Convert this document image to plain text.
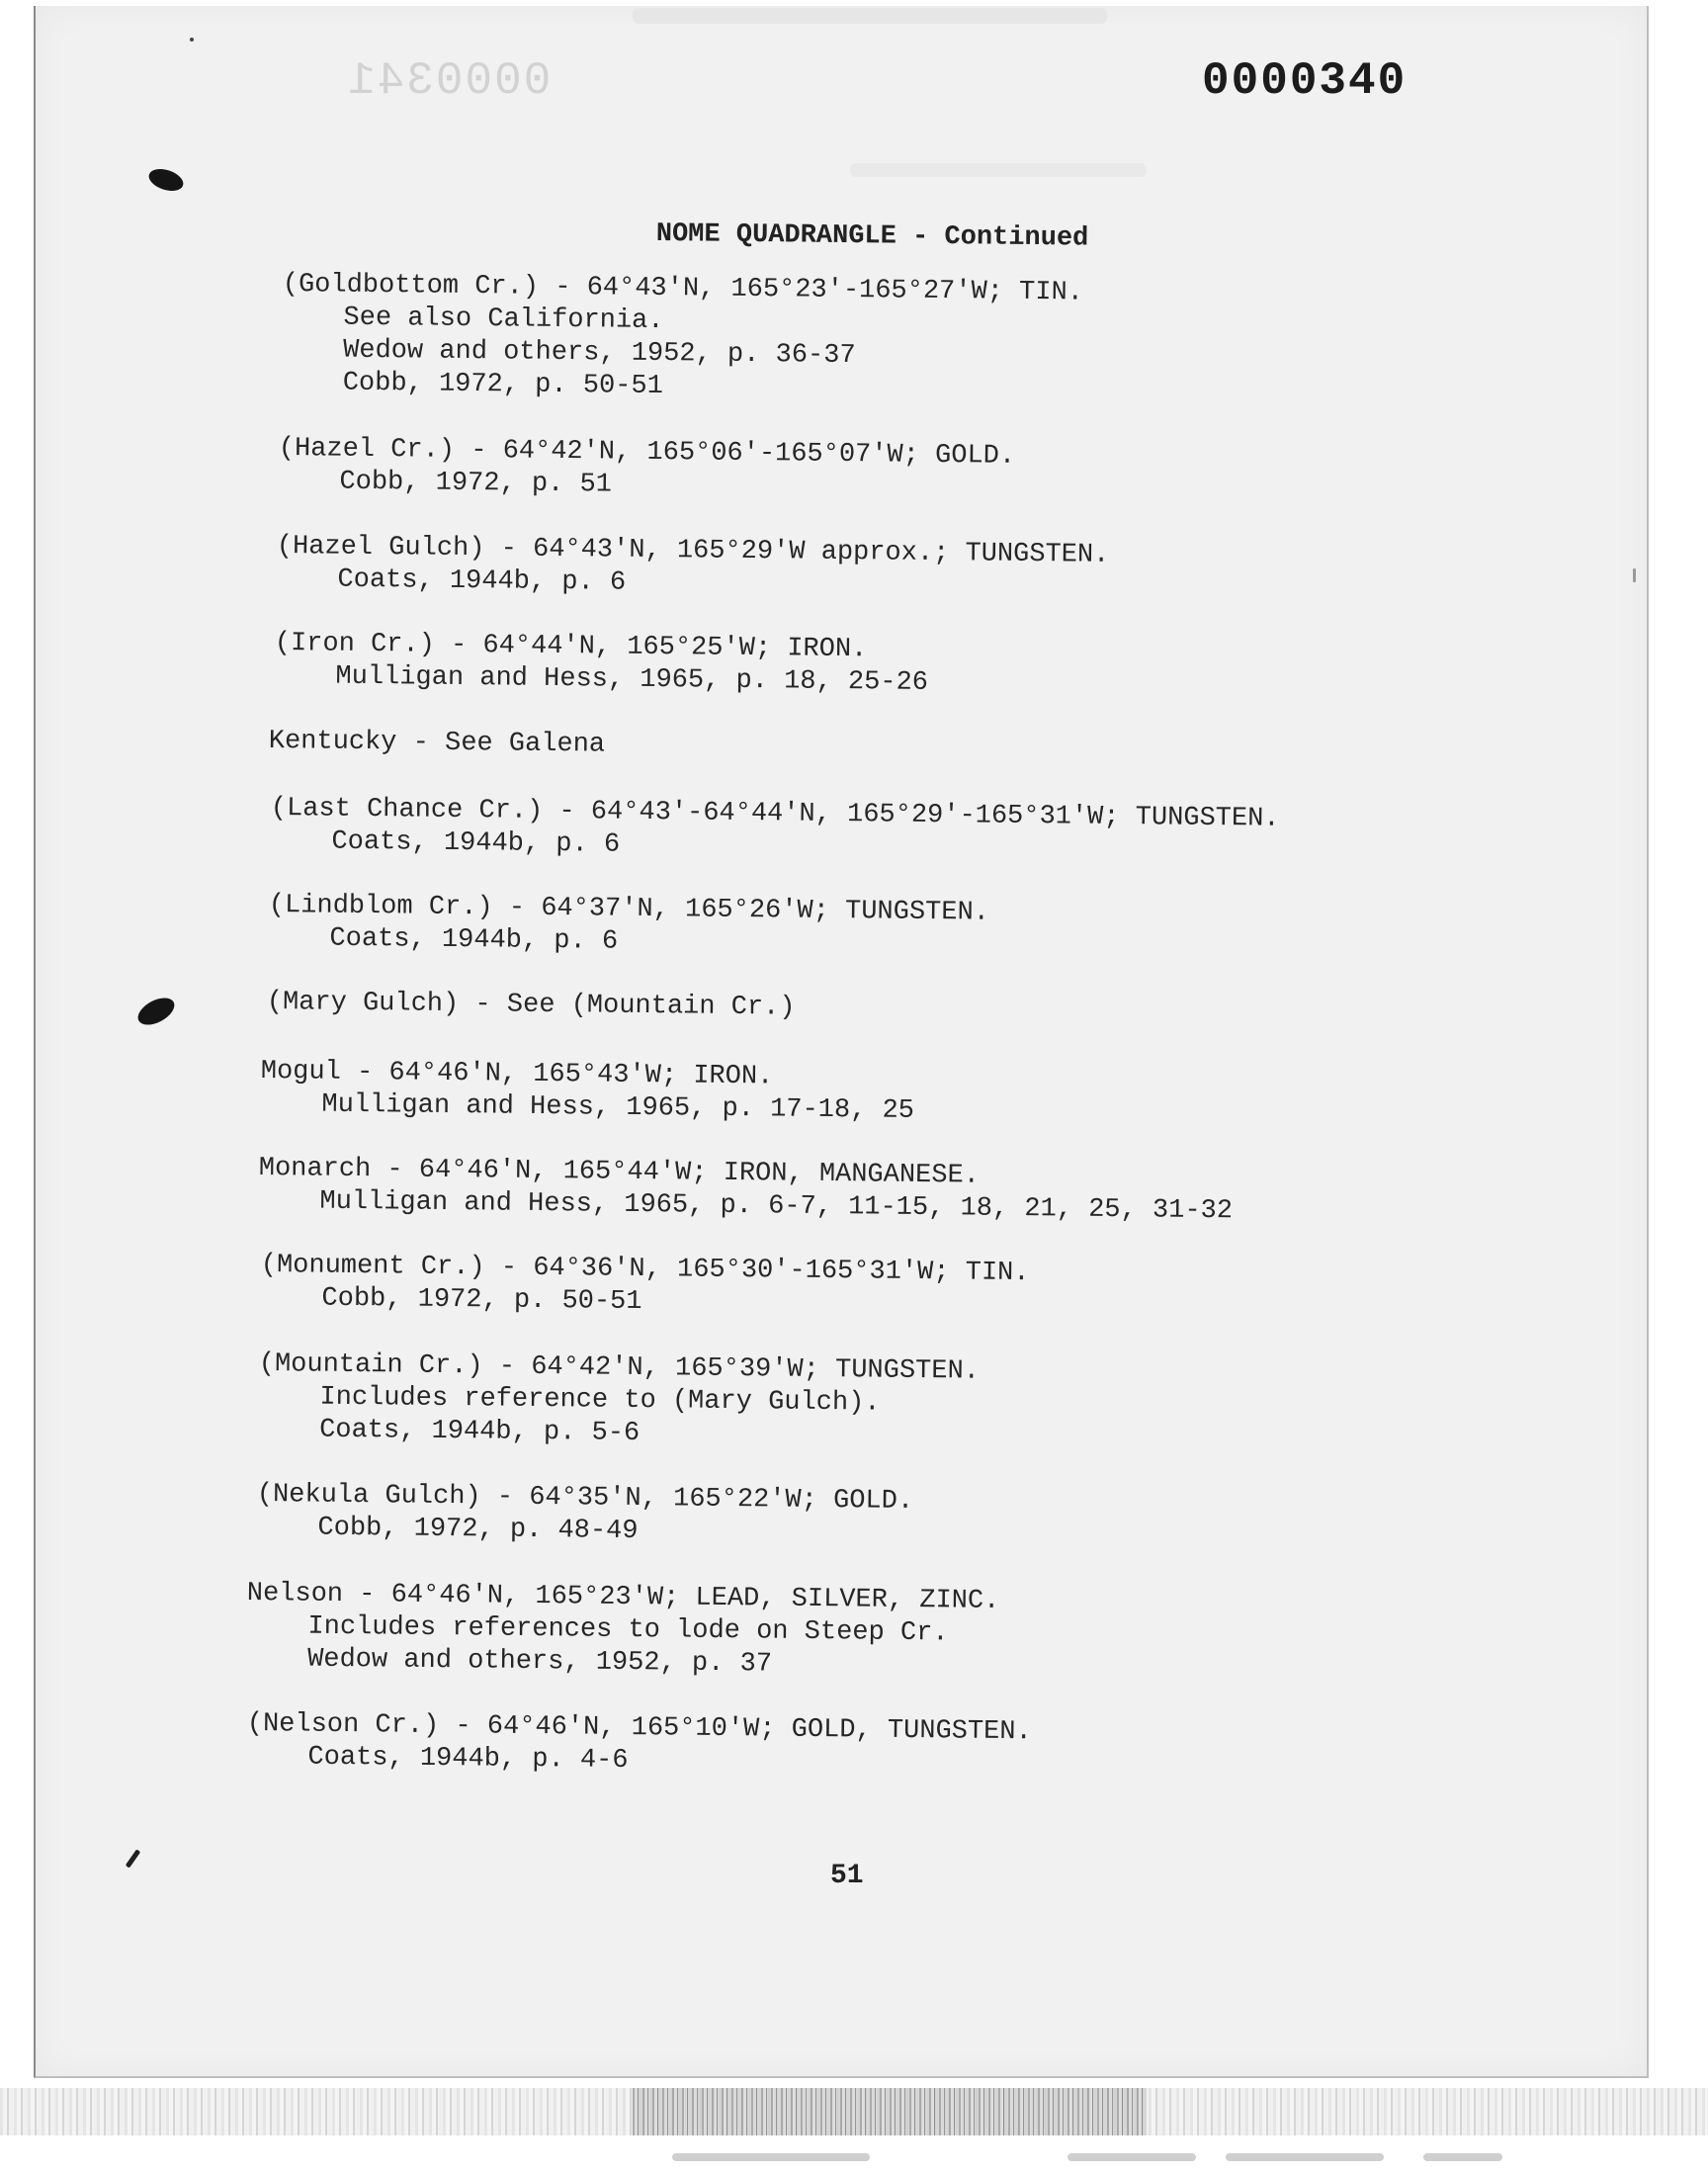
0000341	0000340
NOME QUADRANGLE - Continued
(Goldbottom Cr.) - 64°43'N, 165°23'-165°27'W; TIN.
See also California.
Wedow and others, 1952, p. 36-37
Cobb, 1972, p. 50-51
(Hazel Cr.) - 64°42'N, 165°06'-165°07'W; GOLD.
Cobb, 1972, p. 51
(Hazel Gulch) - 64°43'N, 165°29'W approx.; TUNGSTEN.
Coats, 1944b, p. 6
(Iron Cr.) - 64°44'N, 165°25'W; IRON.
Mulligan and Hess, 1965, p. 18, 25-26
Kentucky - See Galena
(Last Chance Cr.) - 64°43'-64°44'N, 165°29'-165°31'W; TUNGSTEN.
Coats, 1944b, p. 6
(Lindblom Cr.) - 64°37'N, 165°26'W; TUNGSTEN.
Coats, 1944b, p. 6
(Mary Gulch) - See (Mountain Cr.)
Mogul - 64°46'N, 165°43'W; IRON.
Mulligan and Hess, 1965, p. 17-18, 25
Monarch - 64°46'N, 165°44'W; IRON, MANGANESE.
Mulligan and Hess, 1965, p. 6-7, 11-15, 18, 21, 25, 31-32
(Monument Cr.) - 64°36'N, 165°30'-165°31'W; TIN.
Cobb, 1972, p. 50-51
(Mountain Cr.) - 64°42'N, 165°39'W; TUNGSTEN.
Includes reference to (Mary Gulch).
Coats, 1944b, p. 5-6
(Nekula Gulch) - 64°35'N, 165°22'W; GOLD.
Cobb, 1972, p. 48-49
Nelson - 64°46'N, 165°23'W; LEAD, SILVER, ZINC.
Includes references to lode on Steep Cr.
Wedow and others, 1952, p. 37
(Nelson Cr.) - 64°46'N, 165°10'W; GOLD, TUNGSTEN.
Coats, 1944b, p. 4-6
51
